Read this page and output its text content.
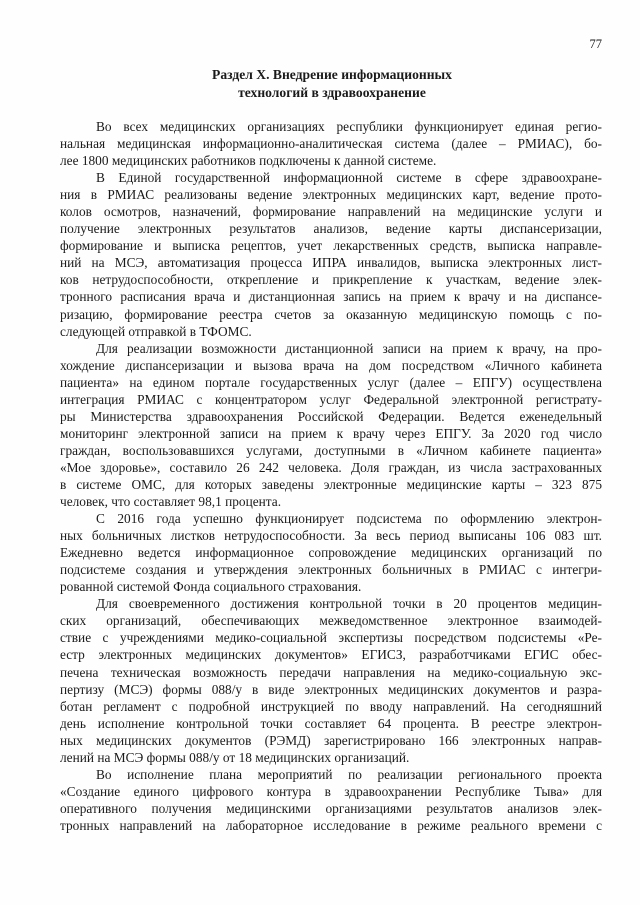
77
Раздел X. Внедрение информационных
технологий в здравоохранение
Во всех медицинских организациях республики функционирует единая регио-
нальная медицинская информационно-аналитическая система (далее – РМИАС), бо-
лее 1800 медицинских работников подключены к данной системе.
В Единой государственной информационной системе в сфере здравоохране-
ния в РМИАС реализованы ведение электронных медицинских карт, ведение прото-
колов осмотров, назначений, формирование направлений на медицинские услуги и
получение электронных результатов анализов, ведение карты диспансеризации,
формирование и выписка рецептов, учет лекарственных средств, выписка направле-
ний на МСЭ, автоматизация процесса ИПРА инвалидов, выписка электронных лист-
ков нетрудоспособности, открепление и прикрепление к участкам, ведение элек-
тронного расписания врача и дистанционная запись на прием к врачу и на диспансе-
ризацию, формирование реестра счетов за оказанную медицинскую помощь с по-
следующей отправкой в ТФОМС.
Для реализации возможности дистанционной записи на прием к врачу, на про-
хождение диспансеризации и вызова врача на дом посредством «Личного кабинета
пациента» на едином портале государственных услуг (далее – ЕПГУ) осуществлена
интеграция РМИАС с концентратором услуг Федеральной электронной регистрату-
ры Министерства здравоохранения Российской Федерации. Ведется еженедельный
мониторинг электронной записи на прием к врачу через ЕПГУ. За 2020 год число
граждан, воспользовавшихся услугами, доступными в «Личном кабинете пациента»
«Мое здоровье», составило 26 242 человека. Доля граждан, из числа застрахованных
в системе ОМС, для которых заведены электронные медицинские карты – 323 875
человек, что составляет 98,1 процента.
С 2016 года успешно функционирует подсистема по оформлению электрон-
ных больничных листков нетрудоспособности. За весь период выписаны 106 083 шт.
Ежедневно ведется информационное сопровождение медицинских организаций по
подсистеме создания и утверждения электронных больничных в РМИАС с интегри-
рованной системой Фонда социального страхования.
Для своевременного достижения контрольной точки в 20 процентов медицин-
ских организаций, обеспечивающих межведомственное электронное взаимодей-
ствие с учреждениями медико-социальной экспертизы посредством подсистемы «Ре-
естр электронных медицинских документов» ЕГИСЗ, разработчиками ЕГИС обес-
печена техническая возможность передачи направления на медико-социальную экс-
пертизу (МСЭ) формы 088/у в виде электронных медицинских документов и разра-
ботан регламент с подробной инструкцией по вводу направлений. На сегодняшний
день исполнение контрольной точки составляет 64 процента. В реестре электрон-
ных медицинских документов (РЭМД) зарегистрировано 166 электронных направ-
лений на МСЭ формы 088/у от 18 медицинских организаций.
Во исполнение плана мероприятий по реализации регионального проекта
«Создание единого цифрового контура в здравоохранении Республике Тыва» для
оперативного получения медицинскими организациями результатов анализов элек-
тронных направлений на лабораторное исследование в режиме реального времени с
